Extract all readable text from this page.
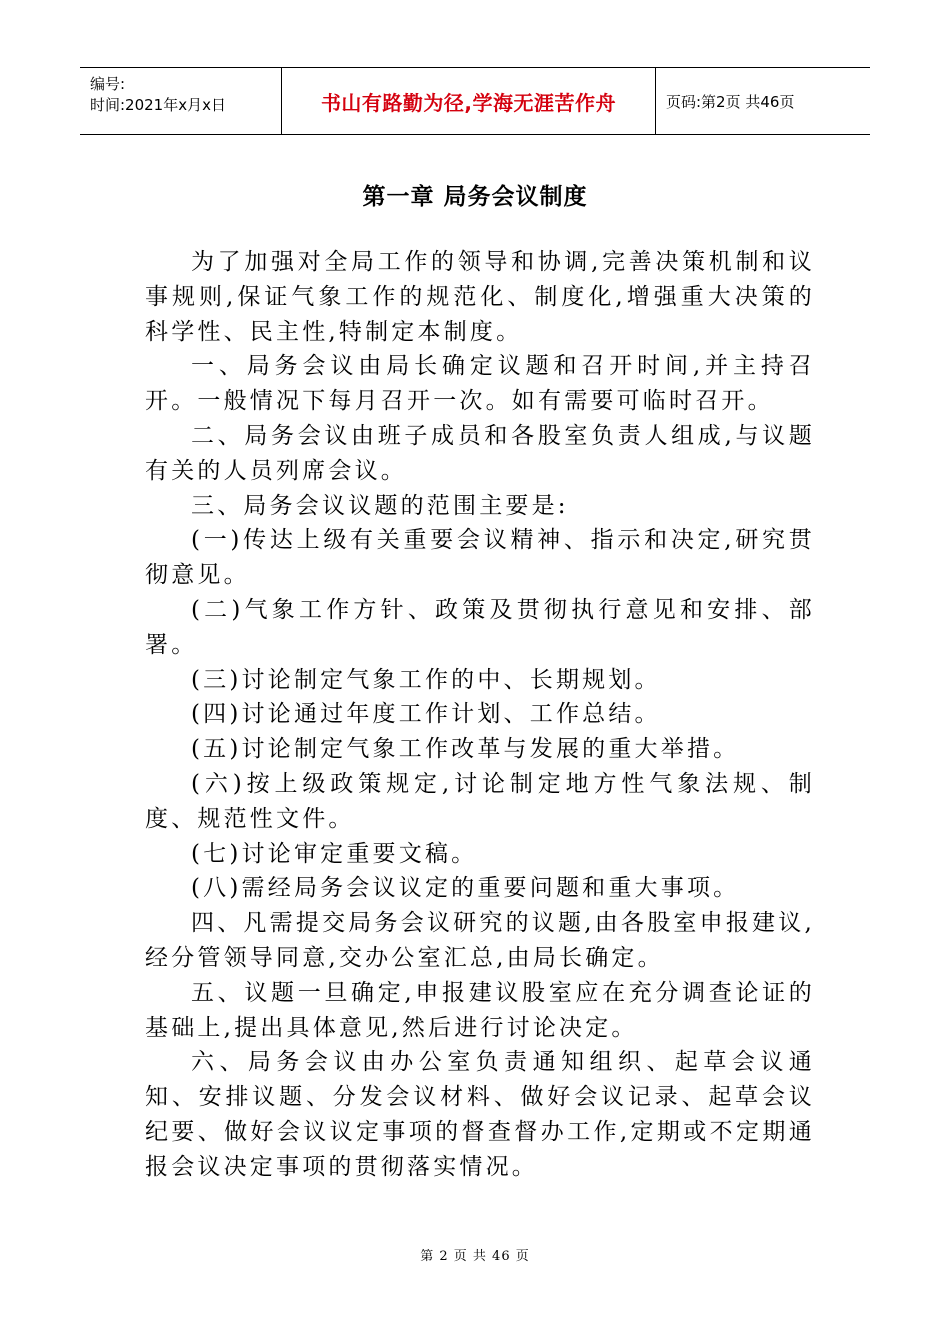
编号:
时间:2021年x月x日	书山有路勤为径,学海无涯苦作舟	页码:第2页 共46页
第一章 局务会议制度

为了加强对全局工作的领导和协调,完善决策机制和议事规则,保证气象工作的规范化、制度化,增强重大决策的科学性、民主性,特制定本制度。

一、局务会议由局长确定议题和召开时间,并主持召开。一般情况下每月召开一次。如有需要可临时召开。

二、局务会议由班子成员和各股室负责人组成,与议题有关的人员列席会议。

三、局务会议议题的范围主要是:

(一)传达上级有关重要会议精神、指示和决定,研究贯彻意见。

(二)气象工作方针、政策及贯彻执行意见和安排、部署。

(三)讨论制定气象工作的中、长期规划。

(四)讨论通过年度工作计划、工作总结。

(五)讨论制定气象工作改革与发展的重大举措。

(六)按上级政策规定,讨论制定地方性气象法规、制度、规范性文件。

(七)讨论审定重要文稿。

(八)需经局务会议议定的重要问题和重大事项。

四、凡需提交局务会议研究的议题,由各股室申报建议,经分管领导同意,交办公室汇总,由局长确定。

五、议题一旦确定,申报建议股室应在充分调查论证的基础上,提出具体意见,然后进行讨论决定。

六、局务会议由办公室负责通知组织、起草会议通知、安排议题、分发会议材料、做好会议记录、起草会议纪要、做好会议议定事项的督查督办工作,定期或不定期通报会议决定事项的贯彻落实情况。

第 2 页 共 46 页
